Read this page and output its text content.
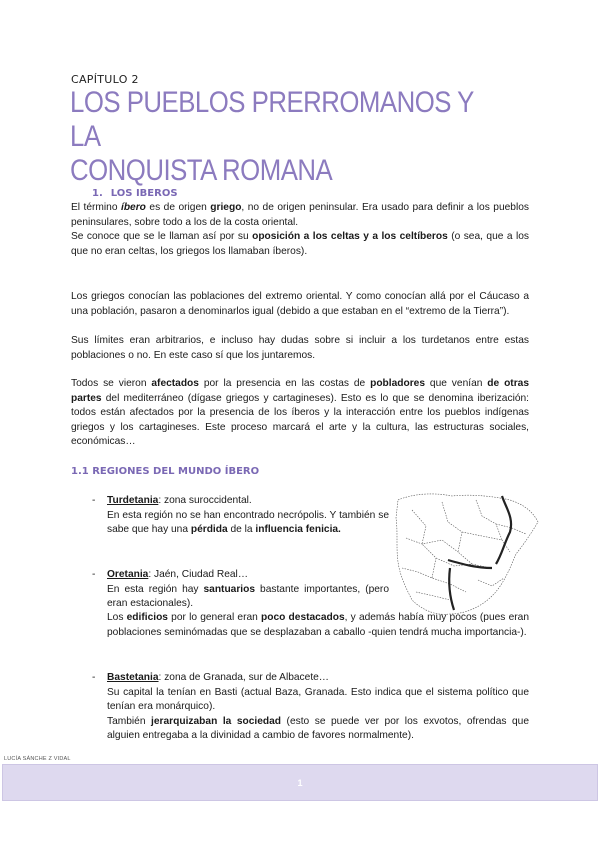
CAPÍTULO 2
LOS PUEBLOS PRERROMANOS Y LA
CONQUISTA ROMANA
1. LOS IBEROS

El término íbero es de origen griego, no de origen peninsular. Era usado para definir a los pueblos peninsulares, sobre todo a los de la costa oriental.
Se conoce que se le llaman así por su oposición a los celtas y a los celtíberos (o sea, que a los que no eran celtas, los griegos los llamaban íberos).

Los griegos conocían las poblaciones del extremo oriental. Y como conocían allá por el Cáucaso a una población, pasaron a denominarlos igual (debido a que estaban en el “extremo de la Tierra”).

Sus límites eran arbitrarios, e incluso hay dudas sobre si incluir a los turdetanos entre estas poblaciones o no. En este caso sí que los juntaremos.

Todos se vieron afectados por la presencia en las costas de pobladores que venían de otras partes del mediterráneo (dígase griegos y cartagineses). Esto es lo que se denomina iberización: todos están afectados por la presencia de los íberos y la interacción entre los pueblos indígenas griegos y los cartagineses. Este proceso marcará el arte y la cultura, las estructuras sociales, económicas…

1.1 REGIONES DEL MUNDO ÍBERO
- Turdetania: zona suroccidental.
En esta región no se han encontrado necrópolis. Y también se sabe que hay una pérdida de la influencia fenicia.
- Oretania: Jaén, Ciudad Real…
En esta región hay santuarios bastante importantes, (pero eran estacionales).
Los edificios por lo general eran poco destacados, y además había muy pocos (pues eran poblaciones seminómadas que se desplazaban a caballo -quien tendrá mucha importancia-).
- Bastetania: zona de Granada, sur de Albacete…
Su capital la tenían en Basti (actual Baza, Granada. Esto indica que el sistema político que tenían era monárquico).
También jerarquizaban la sociedad (esto se puede ver por los exvotos, ofrendas que alguien entregaba a la divinidad a cambio de favores normalmente).
LUCÍA SÁNCHE Z VIDAL
1
